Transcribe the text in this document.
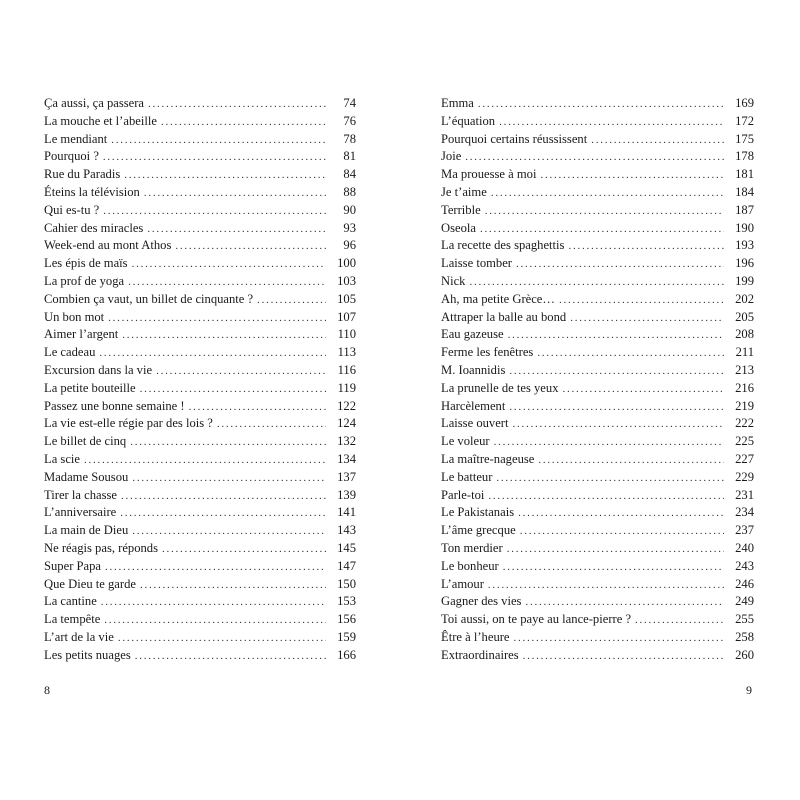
Ça aussi, ça passera . . .	74
La mouche et l’abeille . . .	76
Le mendiant . . .	78
Pourquoi ? . . .	81
Rue du Paradis . . .	84
Éteins la télévision . . .	88
Qui es-tu ? . . .	90
Cahier des miracles . . .	93
Week-end au mont Athos . . .	96
Les épis de maïs . . .	100
La prof de yoga . . .	103
Combien ça vaut, un billet de cinquante ? . . .	105
Un bon mot . . .	107
Aimer l’argent . . .	110
Le cadeau . . .	113
Excursion dans la vie . . .	116
La petite bouteille . . .	119
Passez une bonne semaine ! . . .	122
La vie est-elle régie par des lois ? . . .	124
Le billet de cinq . . .	132
La scie . . .	134
Madame Sousou . . .	137
Tirer la chasse . . .	139
L’anniversaire . . .	141
La main de Dieu . . .	143
Ne réagis pas, réponds . . .	145
Super Papa . . .	147
Que Dieu te garde . . .	150
La cantine . . .	153
La tempête . . .	156
L’art de la vie . . .	159
Les petits nuages . . .	166
Emma . . .	169
L’équation . . .	172
Pourquoi certains réussissent . . .	175
Joie . . .	178
Ma prouesse à moi . . .	181
Je t’aime . . .	184
Terrible . . .	187
Oseola . . .	190
La recette des spaghettis . . .	193
Laisse tomber . . .	196
Nick . . .	199
Ah, ma petite Grèce… . . .	202
Attraper la balle au bond . . .	205
Eau gazeuse . . .	208
Ferme les fenêtres . . .	211
M. Ioannidis . . .	213
La prunelle de tes yeux . . .	216
Harcèlement . . .	219
Laisse ouvert . . .	222
Le voleur . . .	225
La maître-nageuse . . .	227
Le batteur . . .	229
Parle-toi . . .	231
Le Pakistanais . . .	234
L’âme grecque . . .	237
Ton merdier . . .	240
Le bonheur . . .	243
L’amour . . .	246
Gagner des vies . . .	249
Toi aussi, on te paye au lance-pierre ? . . .	255
Être à l’heure . . .	258
Extraordinaires . . .	260
8	9
